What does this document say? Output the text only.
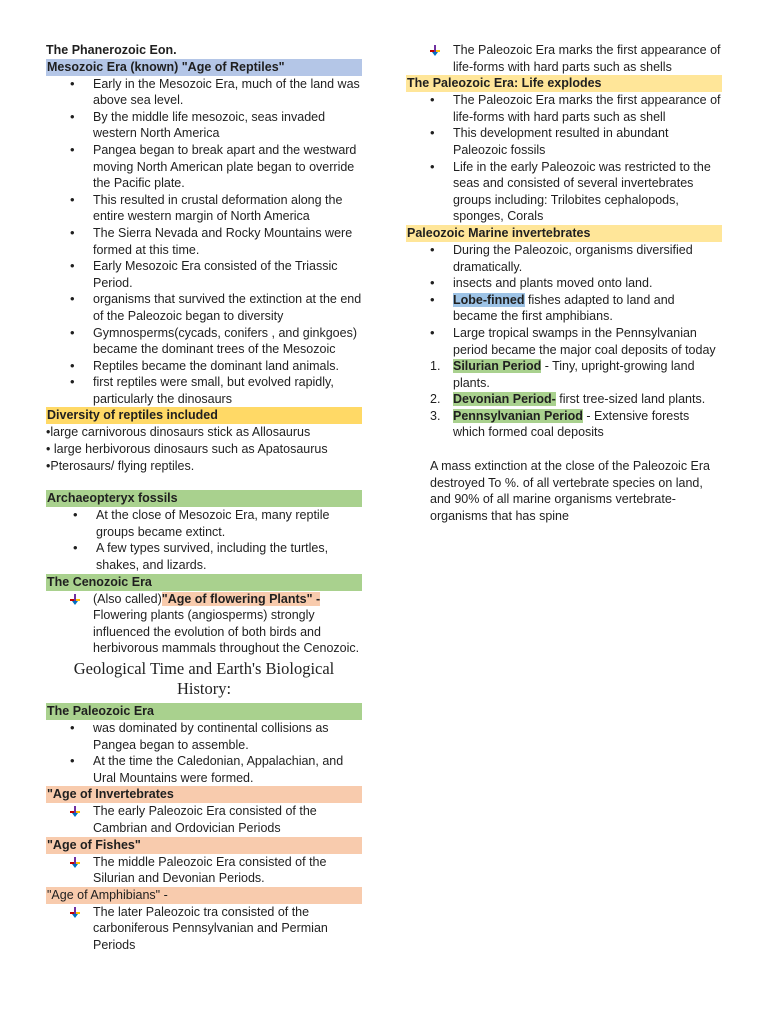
The Phanerozoic Eon.
Mesozoic Era (known) "Age of Reptiles"
• Early in the Mesozoic Era, much of the land was above sea level.
• By the middle life mesozoic, seas invaded western North America
• Pangea began to break apart and the westward moving North American plate began to override the Pacific plate.
• This resulted in crustal deformation along the entire western margin of North America
• The Sierra Nevada and Rocky Mountains were formed at this time.
• Early Mesozoic Era consisted of the Triassic Period.
• organisms that survived the extinction at the end of the Paleozoic began to diversity
• Gymnosperms(cycads, conifers , and ginkgoes) became the dominant trees of the Mesozoic
• Reptiles became the dominant land animals.
• first reptiles were small, but evolved rapidly, particularly the dinosaurs
Diversity of reptiles included
•large carnivorous dinosaurs stick as Allosaurus
• large herbivorous dinosaurs such as Apatosaurus
•Pterosaurs/ flying reptiles.
Archaeopteryx fossils
• At the close of Mesozoic Era, many reptile groups became extinct.
• A few types survived, including the turtles, shakes, and lizards.
The Cenozoic Era
(Also called)"Age of flowering Plants" - Flowering plants (angiosperms) strongly influenced the evolution of both birds and herbivorous mammals throughout the Cenozoic.
Geological Time and Earth's Biological History:
The Paleozoic Era
• was dominated by continental collisions as Pangea began to assemble.
• At the time the Caledonian, Appalachian, and Ural Mountains were formed.
"Age of Invertebrates
The early Paleozoic Era consisted of the Cambrian and Ordovician Periods
"Age of Fishes"
The middle Paleozoic Era consisted of the Silurian and Devonian Periods.
"Age of Amphibians" -
The later Paleozoic tra consisted of the carboniferous Pennsylvanian and Permian Periods
The Paleozoic Era marks the first appearance of life-forms with hard parts such as shells
The Paleozoic Era: Life explodes
• The Paleozoic Era marks the first appearance of life-forms with hard parts such as shell
• This development resulted in abundant Paleozoic fossils
• Life in the early Paleozoic was restricted to the seas and consisted of several invertebrates groups including: Trilobites cephalopods, sponges, Corals
Paleozoic Marine invertebrates
• During the Paleozoic, organisms diversified dramatically.
• insects and plants moved onto land.
• Lobe-finned fishes adapted to land and became the first amphibians.
• Large tropical swamps in the Pennsylvanian period became the major coal deposits of today
1. Silurian Period - Tiny, upright-growing land plants.
2. Devonian Period- first tree-sized land plants.
3. Pennsylvanian Period - Extensive forests which formed coal deposits
A mass extinction at the close of the Paleozoic Era destroyed To %. of all vertebrate species on land, and 90% of all marine organisms vertebrate-organisms that has spine
